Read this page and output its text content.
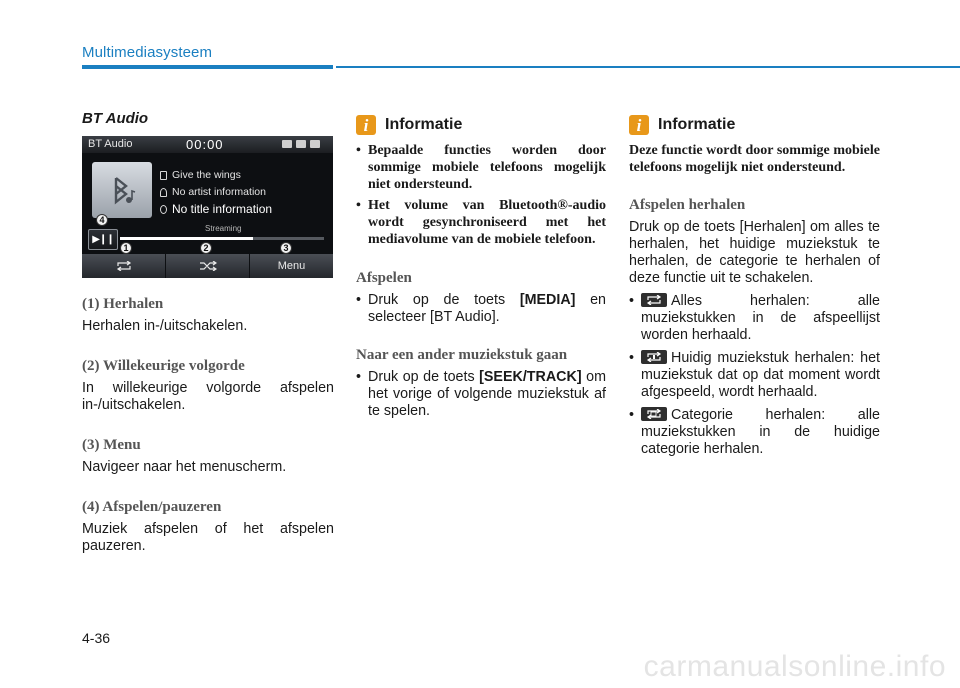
Multimediasysteem
BT Audio
BT Audio	00:00
Give the wings
No artist information
No title information
Streaming
▶❙❙
Menu
1	2	3
4
(1) Herhalen
Herhalen in-/uitschakelen.
(2) Willekeurige volgorde
In willekeurige volgorde afspelen in-/uitschakelen.
(3) Menu
Navigeer naar het menuscherm.
(4) Afspelen/pauzeren
Muziek afspelen of het afspelen pauzeren.
i	Informatie
• Bepaalde functies worden door sommige mobiele telefoons mogelijk niet ondersteund.
• Het volume van Bluetooth®-audio wordt gesynchroniseerd met het mediavolume van de mobiele telefoon.
Afspelen
• Druk op de toets [MEDIA] en selecteer [BT Audio].
Naar een ander muziekstuk gaan
• Druk op de toets [SEEK/TRACK] om het vorige of volgende muziekstuk af te spelen.
i	Informatie
Deze functie wordt door sommige mobiele telefoons mogelijk niet ondersteund.
Afspelen herhalen
Druk op de toets [Herhalen] om alles te herhalen, het huidige muziekstuk te herhalen, de categorie te herhalen of deze functie uit te schakelen.
• Alles herhalen: alle muziekstukken in de afspeellijst worden herhaald.
• Huidig muziekstuk herhalen: het muziekstuk dat op dat moment wordt afgespeeld, wordt herhaald.
• Categorie herhalen: alle muziekstukken in de huidige categorie herhalen.
4-36
carmanualsonline.info
